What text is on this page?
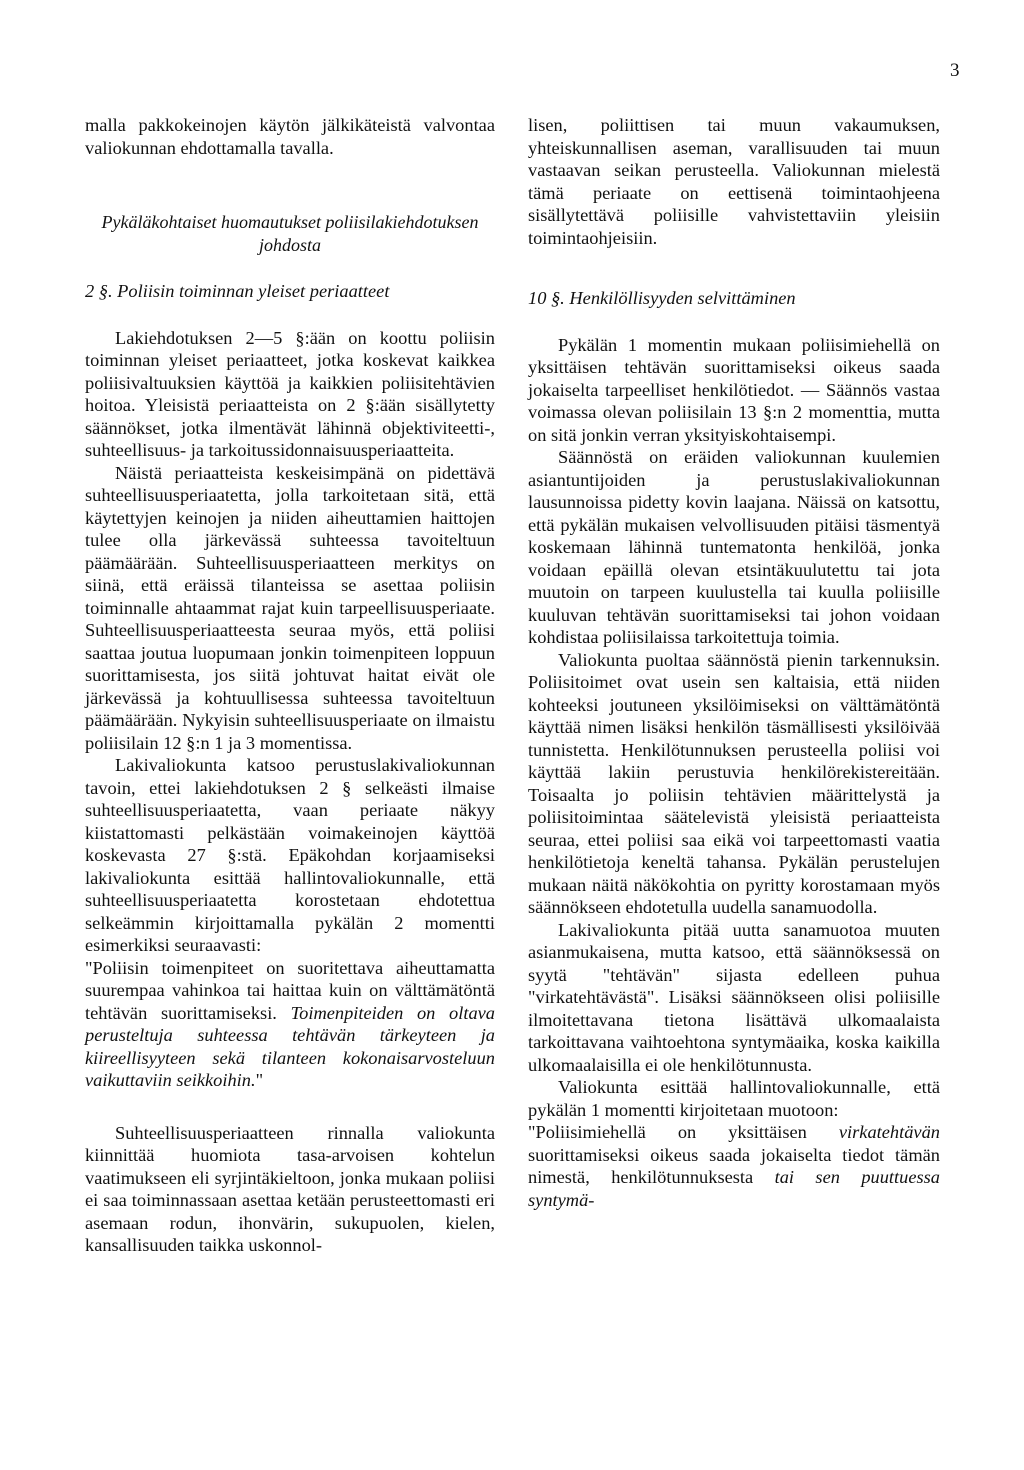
3

malla pakkokeinojen käytön jälkikäteistä valvontaa valiokunnan ehdottamalla tavalla.

Pykäläkohtaiset huomautukset poliisilakiehdotuksen johdosta

2 §. Poliisin toiminnan yleiset periaatteet

Lakiehdotuksen 2—5 §:ään on koottu poliisin toiminnan yleiset periaatteet, jotka koskevat kaikkea poliisivaltuuksien käyttöä ja kaikkien poliisitehtävien hoitoa. Yleisistä periaatteista on 2 §:ään sisällytetty säännökset, jotka ilmentävät lähinnä objektiviteetti-, suhteellisuus- ja tarkoitussidonnaisuusperiaatteita.

Näistä periaatteista keskeisimpänä on pidettävä suhteellisuusperiaatetta, jolla tarkoitetaan sitä, että käytettyjen keinojen ja niiden aiheuttamien haittojen tulee olla järkevässä suhteessa tavoiteltuun päämäärään. Suhteellisuusperiaatteen merkitys on siinä, että eräissä tilanteissa se asettaa poliisin toiminnalle ahtaammat rajat kuin tarpeellisuusperiaate. Suhteellisuusperiaatteesta seuraa myös, että poliisi saattaa joutua luopumaan jonkin toimenpiteen loppuun suorittamisesta, jos siitä johtuvat haitat eivät ole järkevässä ja kohtuullisessa suhteessa tavoiteltuun päämäärään. Nykyisin suhteellisuusperiaate on ilmaistu poliisilain 12 §:n 1 ja 3 momentissa.

Lakivaliokunta katsoo perustuslakivaliokunnan tavoin, ettei lakiehdotuksen 2 § selkeästi ilmaise suhteellisuusperiaatetta, vaan periaate näkyy kiistattomasti pelkästään voimakeinojen käyttöä koskevasta 27 §:stä. Epäkohdan korjaamiseksi lakivaliokunta esittää hallintovaliokunnalle, että suhteellisuusperiaatetta korostetaan ehdotettua selkeämmin kirjoittamalla pykälän 2 momentti esimerkiksi seuraavasti:

"Poliisin toimenpiteet on suoritettava aiheuttamatta suurempaa vahinkoa tai haittaa kuin on välttämätöntä tehtävän suorittamiseksi. Toimenpiteiden on oltava perusteltuja suhteessa tehtävän tärkeyteen ja kiireellisyyteen sekä tilanteen kokonaisarvosteluun vaikuttaviin seikkoihin."

Suhteellisuusperiaatteen rinnalla valiokunta kiinnittää huomiota tasa-arvoisen kohtelun vaatimukseen eli syrjintäkieltoon, jonka mukaan poliisi ei saa toiminnassaan asettaa ketään perusteettomasti eri asemaan rodun, ihonvärin, sukupuolen, kielen, kansallisuuden taikka uskonnol-

lisen, poliittisen tai muun vakaumuksen, yhteiskunnallisen aseman, varallisuuden tai muun vastaavan seikan perusteella. Valiokunnan mielestä tämä periaate on eettisenä toimintaohjeena sisällytettävä poliisille vahvistettaviin yleisiin toimintaohjeisiin.

10 §. Henkilöllisyyden selvittäminen

Pykälän 1 momentin mukaan poliisimiehellä on yksittäisen tehtävän suorittamiseksi oikeus saada jokaiselta tarpeelliset henkilötiedot. — Säännös vastaa voimassa olevan poliisilain 13 §:n 2 momenttia, mutta on sitä jonkin verran yksityiskohtaisempi.

Säännöstä on eräiden valiokunnan kuulemien asiantuntijoiden ja perustuslakivaliokunnan lausunnoissa pidetty kovin laajana. Näissä on katsottu, että pykälän mukaisen velvollisuuden pitäisi täsmentyä koskemaan lähinnä tuntematonta henkilöä, jonka voidaan epäillä olevan etsintäkuulutettu tai jota muutoin on tarpeen kuulustella tai kuulla poliisille kuuluvan tehtävän suorittamiseksi tai johon voidaan kohdistaa poliisilaissa tarkoitettuja toimia.

Valiokunta puoltaa säännöstä pienin tarkennuksin. Poliisitoimet ovat usein sen kaltaisia, että niiden kohteeksi joutuneen yksilöimiseksi on välttämätöntä käyttää nimen lisäksi henkilön täsmällisesti yksilöivää tunnistetta. Henkilötunnuksen perusteella poliisi voi käyttää lakiin perustuvia henkilörekistereitään. Toisaalta jo poliisin tehtävien määrittelystä ja poliisitoimintaa säätelevistä yleisistä periaatteista seuraa, ettei poliisi saa eikä voi tarpeettomasti vaatia henkilötietoja keneltä tahansa. Pykälän perustelujen mukaan näitä näkökohtia on pyritty korostamaan myös säännökseen ehdotetulla uudella sanamuodolla.

Lakivaliokunta pitää uutta sanamuotoa muuten asianmukaisena, mutta katsoo, että säännöksessä on syytä "tehtävän" sijasta edelleen puhua "virkatehtävästä". Lisäksi säännökseen olisi poliisille ilmoitettavana tietona lisättävä ulkomaalaista tarkoittavana vaihtoehtona syntymäaika, koska kaikilla ulkomaalaisilla ei ole henkilötunnusta.

Valiokunta esittää hallintovaliokunnalle, että pykälän 1 momentti kirjoitetaan muotoon:

"Poliisimiehellä on yksittäisen virkatehtävän suorittamiseksi oikeus saada jokaiselta tiedot tämän nimestä, henkilötunnuksesta tai sen puuttuessa syntymä-
